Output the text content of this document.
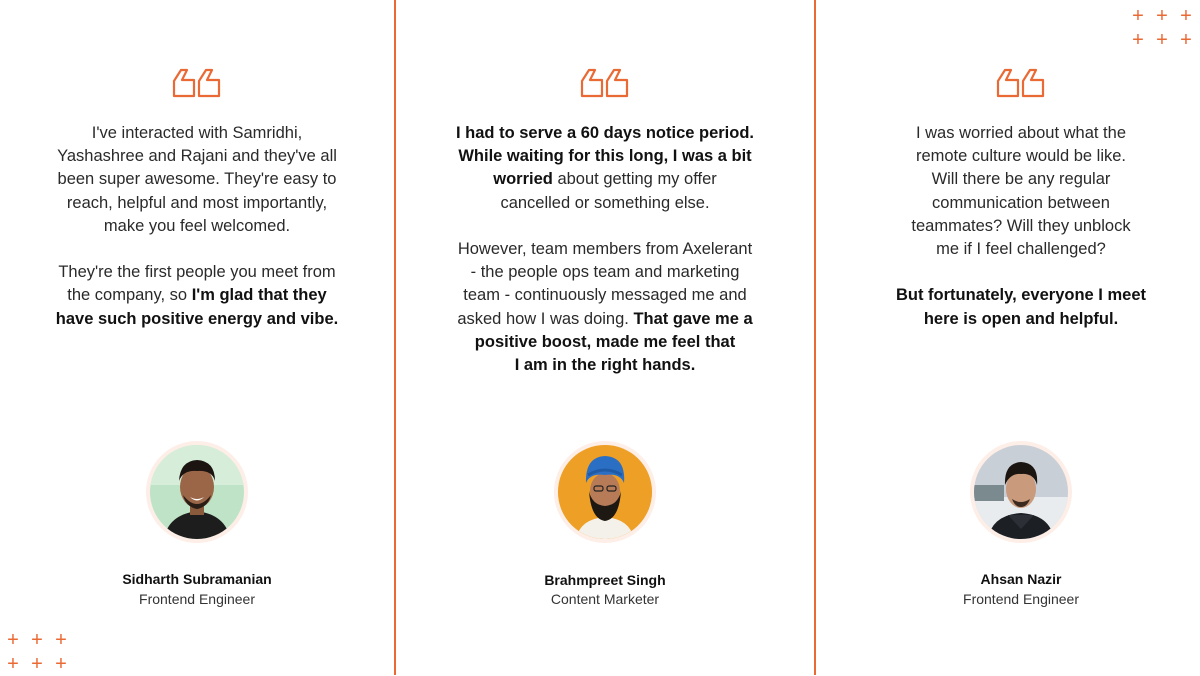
+ + +
+ + +
+ + +
+ + +

I've interacted with Samridhi,
Yashashree and Rajani and they've all
been super awesome. They're easy to
reach, helpful and most importantly,
make you feel welcomed.

They're the first people you meet from
the company, so I'm glad that they
have such positive energy and vibe.

Sidharth Subramanian
Frontend Engineer

I had to serve a 60 days notice period.
While waiting for this long, I was a bit
worried about getting my offer
cancelled or something else.

However, team members from Axelerant
- the people ops team and marketing
team - continuously messaged me and
asked how I was doing. That gave me a
positive boost, made me feel that
I am in the right hands.

Brahmpreet Singh
Content Marketer

I was worried about what the
remote culture would be like.
Will there be any regular
communication between
teammates? Will they unblock
me if I feel challenged?

But fortunately, everyone I meet
here is open and helpful.

Ahsan Nazir
Frontend Engineer
